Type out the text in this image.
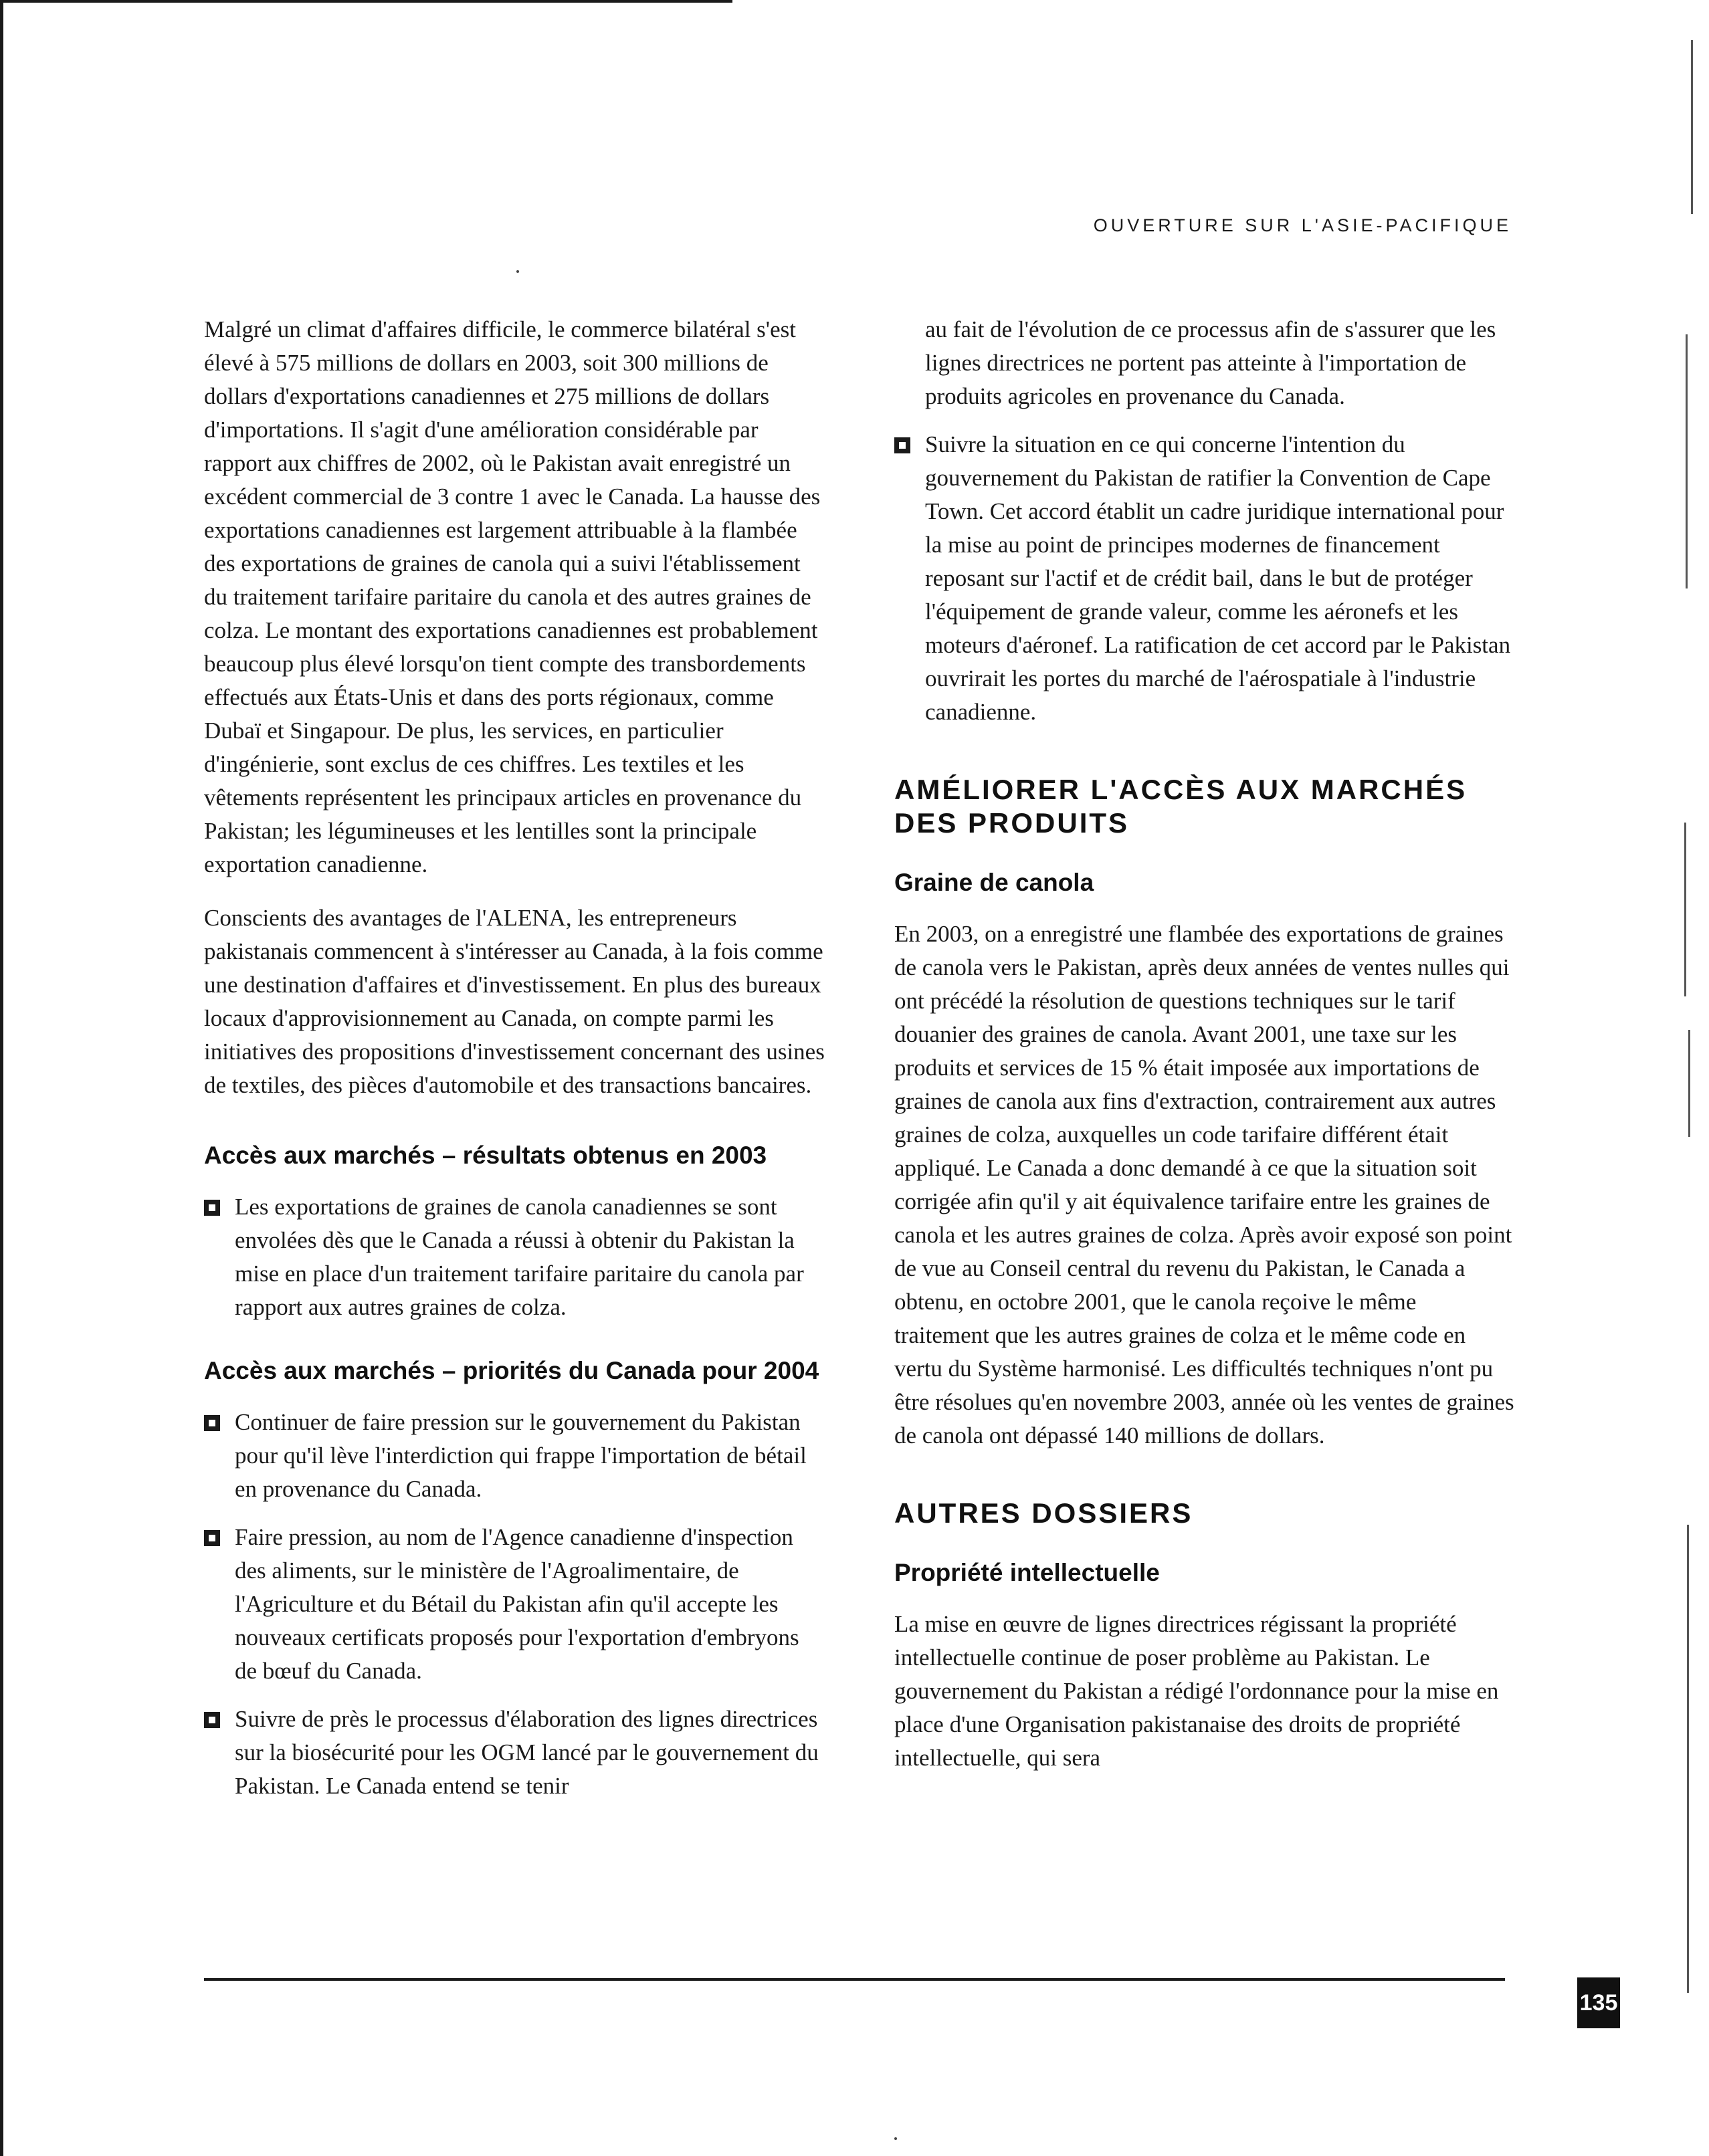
OUVERTURE SUR L'ASIE-PACIFIQUE

Malgré un climat d'affaires difficile, le commerce bilatéral s'est élevé à 575 millions de dollars en 2003, soit 300 millions de dollars d'exportations canadiennes et 275 millions de dollars d'importations. Il s'agit d'une amélioration considérable par rapport aux chiffres de 2002, où le Pakistan avait enregistré un excédent commercial de 3 contre 1 avec le Canada. La hausse des exportations canadiennes est largement attribuable à la flambée des exportations de graines de canola qui a suivi l'établissement du traitement tarifaire paritaire du canola et des autres graines de colza. Le montant des exportations canadiennes est probablement beaucoup plus élevé lorsqu'on tient compte des transbordements effectués aux États-Unis et dans des ports régionaux, comme Dubaï et Singapour. De plus, les services, en particulier d'ingénierie, sont exclus de ces chiffres. Les textiles et les vêtements représentent les principaux articles en provenance du Pakistan; les légumineuses et les lentilles sont la principale exportation canadienne.

Conscients des avantages de l'ALENA, les entrepreneurs pakistanais commencent à s'intéresser au Canada, à la fois comme une destination d'affaires et d'investissement. En plus des bureaux locaux d'approvisionnement au Canada, on compte parmi les initiatives des propositions d'investissement concernant des usines de textiles, des pièces d'automobile et des transactions bancaires.

Accès aux marchés – résultats obtenus en 2003
Les exportations de graines de canola canadiennes se sont envolées dès que le Canada a réussi à obtenir du Pakistan la mise en place d'un traitement tarifaire paritaire du canola par rapport aux autres graines de colza.
Accès aux marchés – priorités du Canada pour 2004
Continuer de faire pression sur le gouvernement du Pakistan pour qu'il lève l'interdiction qui frappe l'importation de bétail en provenance du Canada.
Faire pression, au nom de l'Agence canadienne d'inspection des aliments, sur le ministère de l'Agroalimentaire, de l'Agriculture et du Bétail du Pakistan afin qu'il accepte les nouveaux certificats proposés pour l'exportation d'embryons de bœuf du Canada.
Suivre de près le processus d'élaboration des lignes directrices sur la biosécurité pour les OGM lancé par le gouvernement du Pakistan. Le Canada entend se tenir
au fait de l'évolution de ce processus afin de s'assurer que les lignes directrices ne portent pas atteinte à l'importation de produits agricoles en provenance du Canada.
Suivre la situation en ce qui concerne l'intention du gouvernement du Pakistan de ratifier la Convention de Cape Town. Cet accord établit un cadre juridique international pour la mise au point de principes modernes de financement reposant sur l'actif et de crédit bail, dans le but de protéger l'équipement de grande valeur, comme les aéronefs et les moteurs d'aéronef. La ratification de cet accord par le Pakistan ouvrirait les portes du marché de l'aérospatiale à l'industrie canadienne.
AMÉLIORER L'ACCÈS AUX MARCHÉS DES PRODUITS
Graine de canola

En 2003, on a enregistré une flambée des exportations de graines de canola vers le Pakistan, après deux années de ventes nulles qui ont précédé la résolution de questions techniques sur le tarif douanier des graines de canola. Avant 2001, une taxe sur les produits et services de 15 % était imposée aux importations de graines de canola aux fins d'extraction, contrairement aux autres graines de colza, auxquelles un code tarifaire différent était appliqué. Le Canada a donc demandé à ce que la situation soit corrigée afin qu'il y ait équivalence tarifaire entre les graines de canola et les autres graines de colza. Après avoir exposé son point de vue au Conseil central du revenu du Pakistan, le Canada a obtenu, en octobre 2001, que le canola reçoive le même traitement que les autres graines de colza et le même code en vertu du Système harmonisé. Les difficultés techniques n'ont pu être résolues qu'en novembre 2003, année où les ventes de graines de canola ont dépassé 140 millions de dollars.

AUTRES DOSSIERS
Propriété intellectuelle

La mise en œuvre de lignes directrices régissant la propriété intellectuelle continue de poser problème au Pakistan. Le gouvernement du Pakistan a rédigé l'ordonnance pour la mise en place d'une Organisation pakistanaise des droits de propriété intellectuelle, qui sera

135
